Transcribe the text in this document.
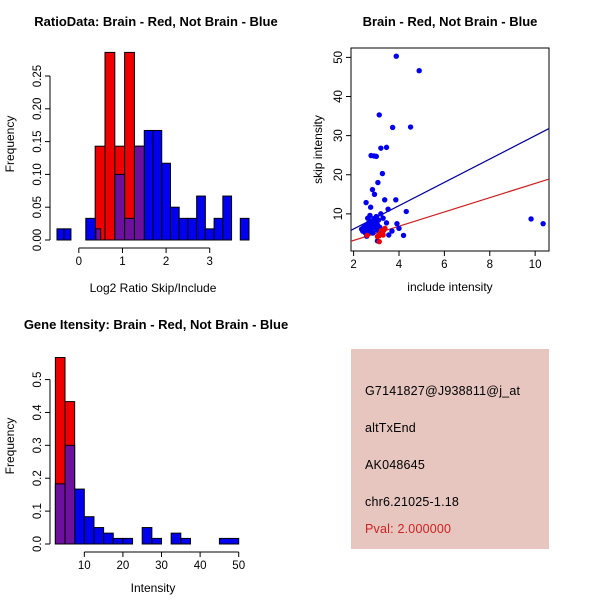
RatioData: Brain - Red, Not Brain - Blue
Log2 Ratio Skip/Include
Frequency
0.00
0.05
0.10
0.15
0.20
0.25
0	1	2	3
Brain - Red, Not Brain - Blue
include intensity
skip intensity
10
20
30
40
50
2	4	6	8	10
Gene Itensity: Brain - Red, Not Brain - Blue
Intensity
Frequency
0.0
0.1
0.2
0.3
0.4
0.5
10 20 30 40 50
G7141827@J938811@j_at
altTxEnd
AK048645
chr6.21025-1.18
Pval: 2.000000
